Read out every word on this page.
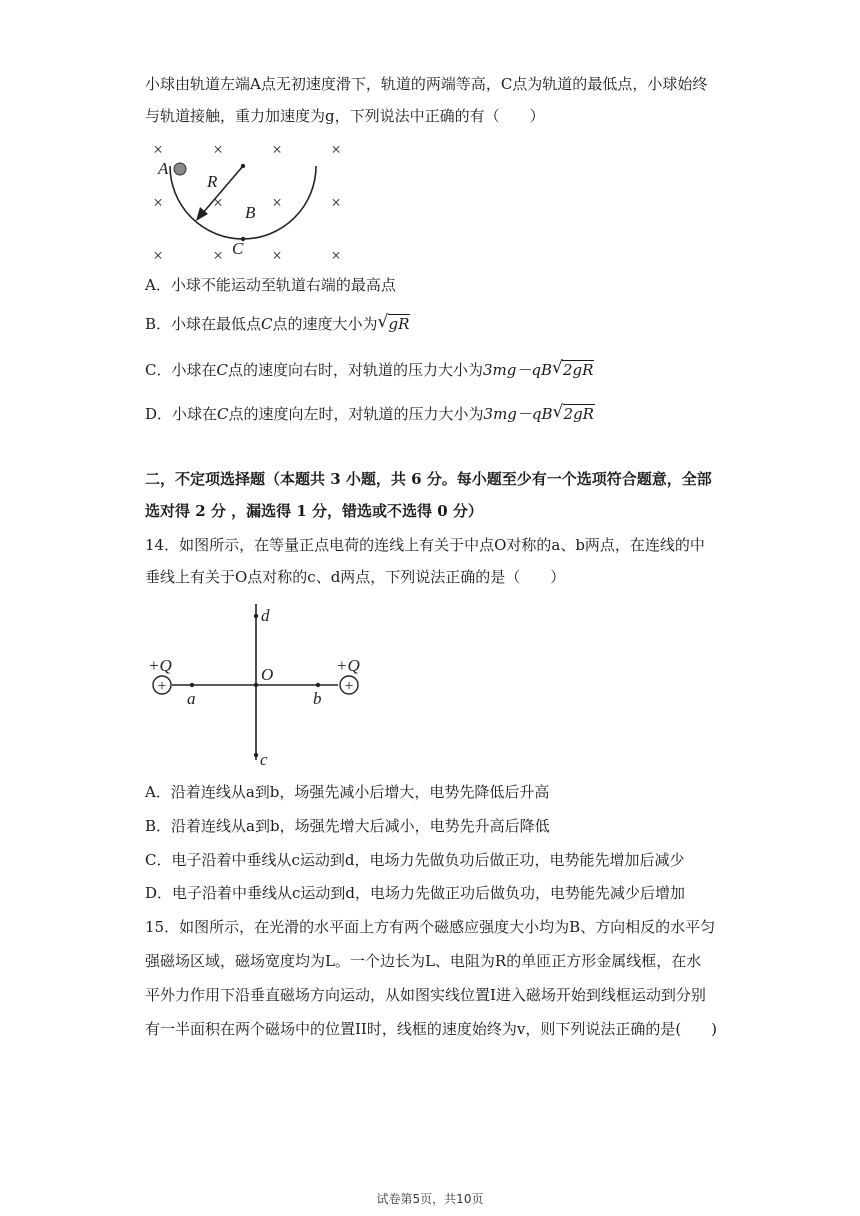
小球由轨道左端A点无初速度滑下，轨道的两端等高，C点为轨道的最低点，小球始终
与轨道接触，重力加速度为g，下列说法中正确的有（　　）
×	×	×	×
×	×	×	×
×	×	×	×
A
R
B
C
A．小球不能运动至轨道右端的最高点
B．小球在最低点C点的速度大小为 √ gR
C．小球在C点的速度向右时，对轨道的压力大小为3mg－qB √ 2gR
D．小球在C点的速度向左时，对轨道的压力大小为3mg－qB √ 2gR
二，不定项选择题（本题共 3 小题，共 6 分。每小题至少有一个选项符合题意，全部
选对得 2 分 ，漏选得 1 分，错选或不选得 0 分）
14．如图所示，在等量正点电荷的连线上有关于中点O对称的a、b两点，在连线的中
垂线上有关于O点对称的c、d两点，下列说法正确的是（　　）
+	+
+Q	+Q
a	b
O
d
c
A．沿着连线从a到b，场强先减小后增大，电势先降低后升高
B．沿着连线从a到b，场强先增大后减小，电势先升高后降低
C．电子沿着中垂线从c运动到d，电场力先做负功后做正功，电势能先增加后减少
D．电子沿着中垂线从c运动到d，电场力先做正功后做负功，电势能先减少后增加
15．如图所示，在光滑的水平面上方有两个磁感应强度大小均为B、方向相反的水平匀
强磁场区域，磁场宽度均为L。一个边长为L、电阻为R的单匝正方形金属线框，在水
平外力作用下沿垂直磁场方向运动，从如图实线位置I进入磁场开始到线框运动到分别
有一半面积在两个磁场中的位置II时，线框的速度始终为v，则下列说法正确的是(　　)
试卷第5页，共10页
